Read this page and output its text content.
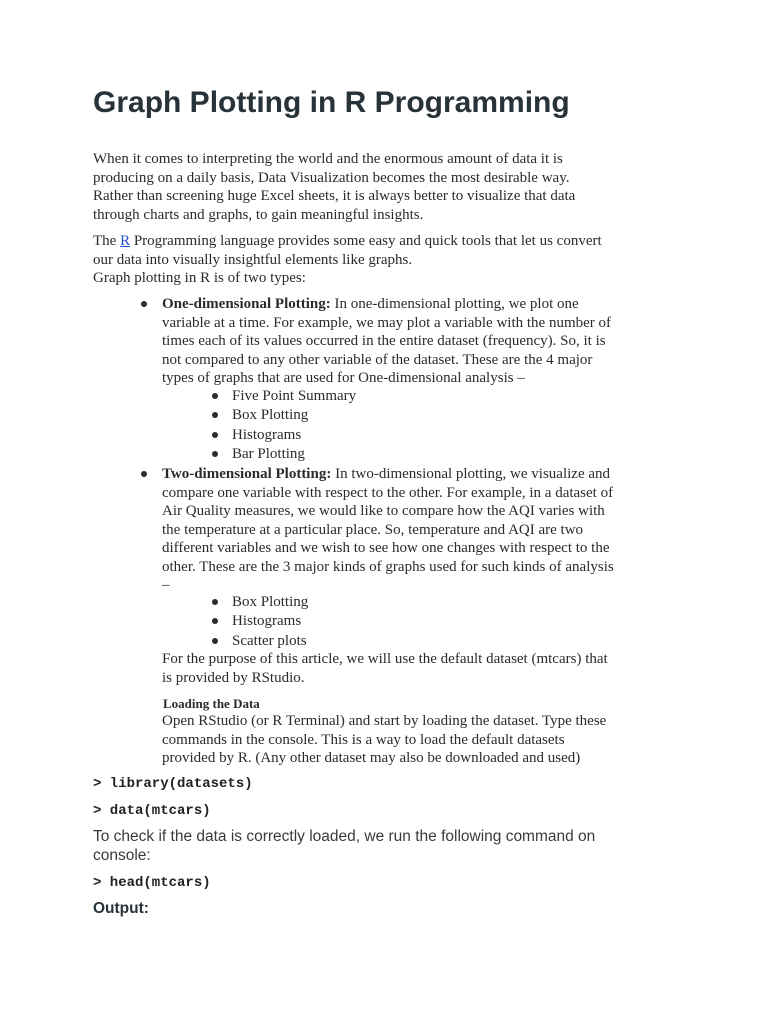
Graph Plotting in R Programming

When it comes to interpreting the world and the enormous amount of data it is
producing on a daily basis, Data Visualization becomes the most desirable way.
Rather than screening huge Excel sheets, it is always better to visualize that data
through charts and graphs, to gain meaningful insights.

The R Programming language provides some easy and quick tools that let us convert
our data into visually insightful elements like graphs.
Graph plotting in R is of two types:

One-dimensional Plotting: In one-dimensional plotting, we plot one
variable at a time. For example, we may plot a variable with the number of
times each of its values occurred in the entire dataset (frequency). So, it is
not compared to any other variable of the dataset. These are the 4 major
types of graphs that are used for One-dimensional analysis –
Five Point Summary
Box Plotting
Histograms
Bar Plotting
Two-dimensional Plotting: In two-dimensional plotting, we visualize and
compare one variable with respect to the other. For example, in a dataset of
Air Quality measures, we would like to compare how the AQI varies with
the temperature at a particular place. So, temperature and AQI are two
different variables and we wish to see how one changes with respect to the
other. These are the 3 major kinds of graphs used for such kinds of analysis
–
Box Plotting
Histograms
Scatter plots

For the purpose of this article, we will use the default dataset (mtcars) that
is provided by RStudio.

Loading the Data

Open RStudio (or R Terminal) and start by loading the dataset. Type these
commands in the console. This is a way to load the default datasets
provided by R. (Any other dataset may also be downloaded and used)

> library(datasets)

> data(mtcars)

To check if the data is correctly loaded, we run the following command on
console:

> head(mtcars)

Output:
